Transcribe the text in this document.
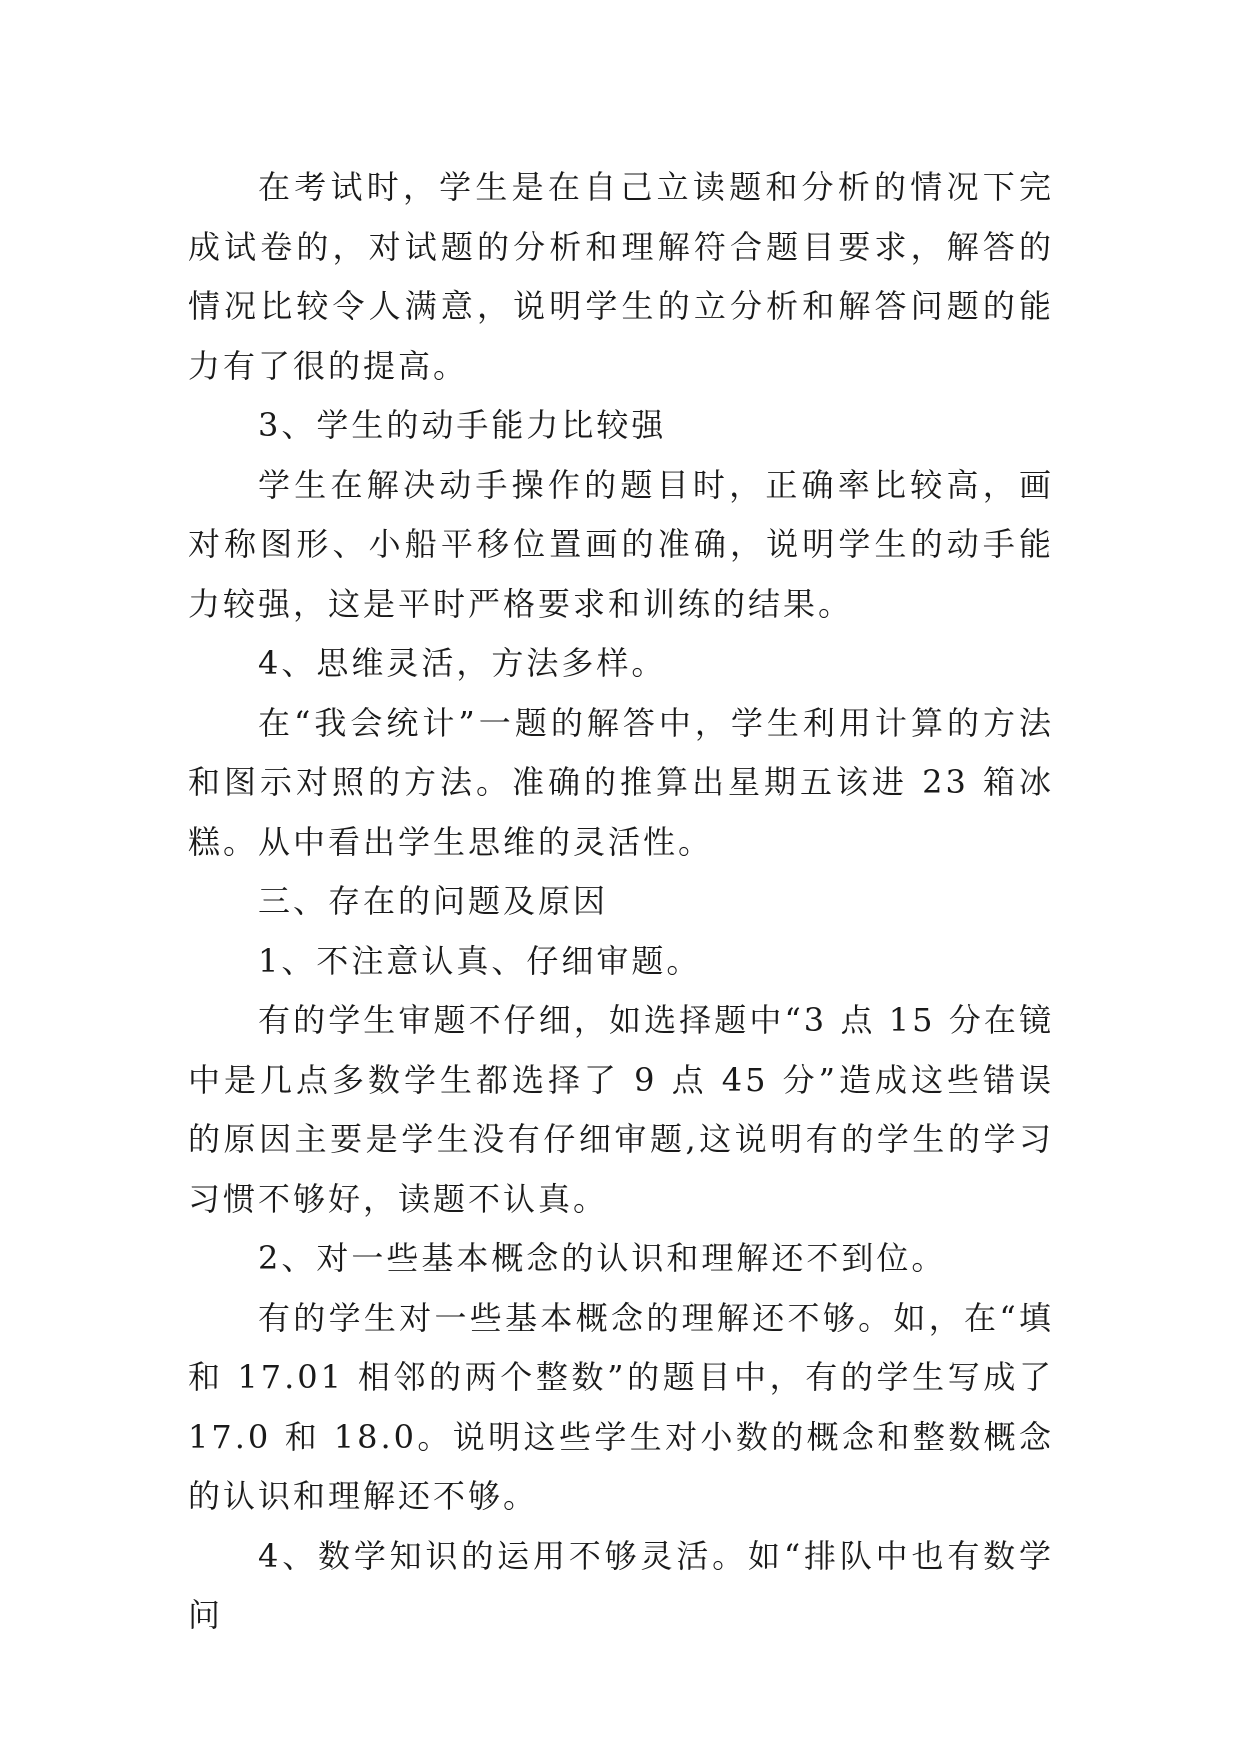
在考试时，学生是在自己立读题和分析的情况下完成试卷的，对试题的分析和理解符合题目要求，解答的情况比较令人满意，说明学生的立分析和解答问题的能力有了很的提高。

3、学生的动手能力比较强

学生在解决动手操作的题目时，正确率比较高，画对称图形、小船平移位置画的准确，说明学生的动手能力较强，这是平时严格要求和训练的结果。

4、思维灵活，方法多样。

在“我会统计”一题的解答中，学生利用计算的方法和图示对照的方法。准确的推算出星期五该进 23 箱冰糕。从中看出学生思维的灵活性。

三、存在的问题及原因

1、不注意认真、仔细审题。

有的学生审题不仔细，如选择题中“3 点 15 分在镜中是几点多数学生都选择了 9 点 45 分”造成这些错误的原因主要是学生没有仔细审题,这说明有的学生的学习习惯不够好，读题不认真。

2、对一些基本概念的认识和理解还不到位。

有的学生对一些基本概念的理解还不够。如，在“填和 17.01 相邻的两个整数”的题目中，有的学生写成了 17.0 和 18.0。说明这些学生对小数的概念和整数概念的认识和理解还不够。

4、数学知识的运用不够灵活。如“排队中也有数学问
